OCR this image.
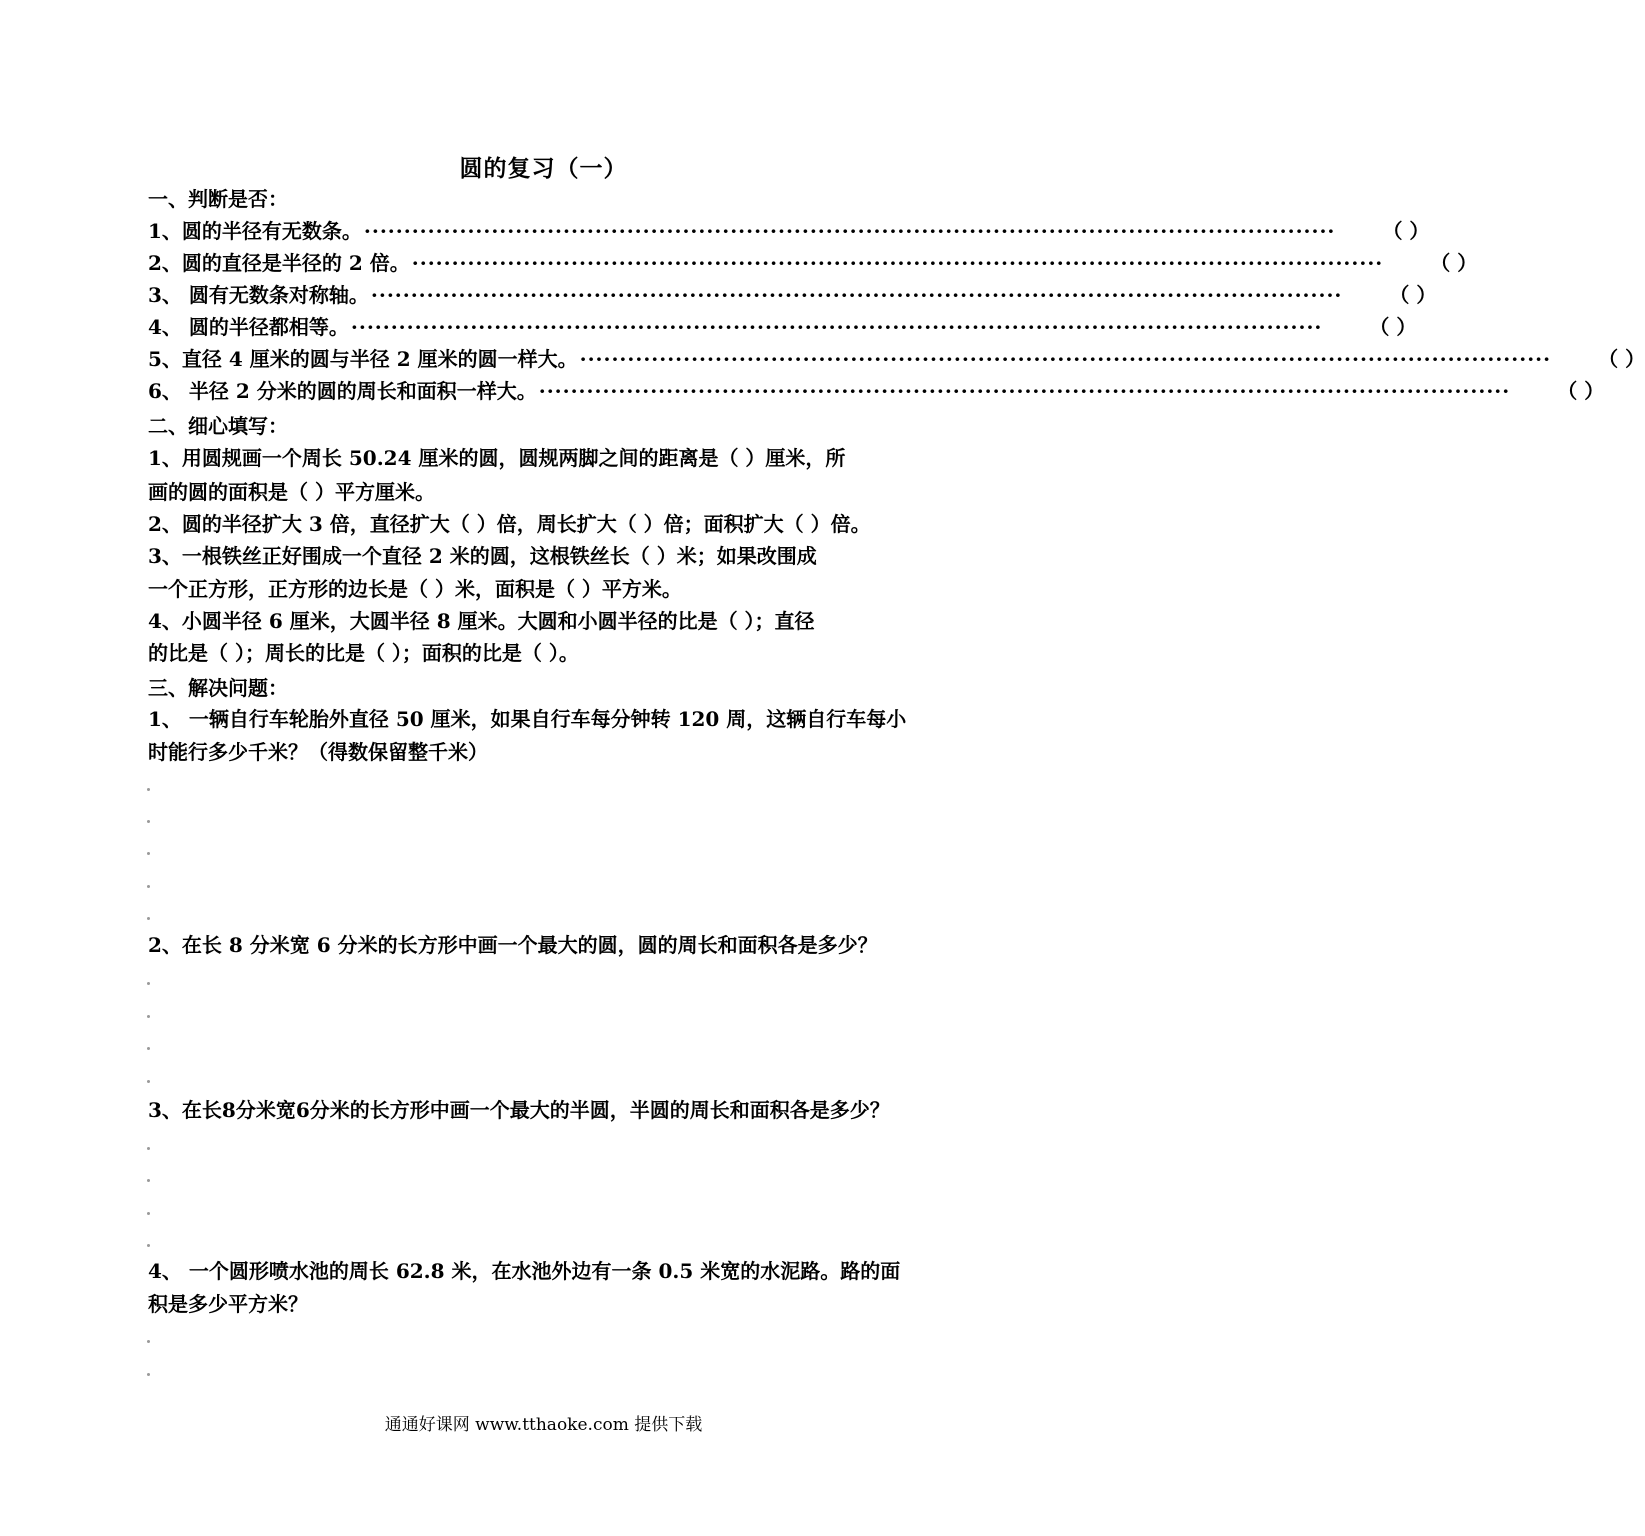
圆的复习（一）
一、判断是否：
1、圆的半径有无数条。 ··························································································································	（ ）
2、圆的直径是半径的 2 倍。 ··························································································································	（ ）
3、 圆有无数条对称轴。 ··························································································································	（ ）
4、 圆的半径都相等。 ··························································································································	（ ）
5、直径 4 厘米的圆与半径 2 厘米的圆一样大。 ··························································································································	（ ）
6、 半径 2 分米的圆的周长和面积一样大。 ··························································································································	（ ）
二、细心填写：
1、用圆规画一个周长 50.24 厘米的圆，圆规两脚之间的距离是（ ）厘米，所
画的圆的面积是（ ）平方厘米。
2、圆的半径扩大 3 倍，直径扩大（ ）倍，周长扩大（ ）倍；面积扩大（ ）倍。
3、一根铁丝正好围成一个直径 2 米的圆，这根铁丝长（ ）米；如果改围成
一个正方形，正方形的边长是（ ）米，面积是（ ）平方米。
4、小圆半径 6 厘米，大圆半径 8 厘米。大圆和小圆半径的比是（ ）；直径
的比是（ ）；周长的比是（ ）；面积的比是（ ）。
三、解决问题：
1、 一辆自行车轮胎外直径 50 厘米，如果自行车每分钟转 120 周，这辆自行车每小
时能行多少千米？（得数保留整千米）
2、在长 8 分米宽 6 分米的长方形中画一个最大的圆，圆的周长和面积各是多少？
3、在长8分米宽6分米的长方形中画一个最大的半圆，半圆的周长和面积各是多少？
4、 一个圆形喷水池的周长 62.8 米，在水池外边有一条 0.5 米宽的水泥路。路的面
积是多少平方米？
通通好课网 www.tthaoke.com 提供下载
